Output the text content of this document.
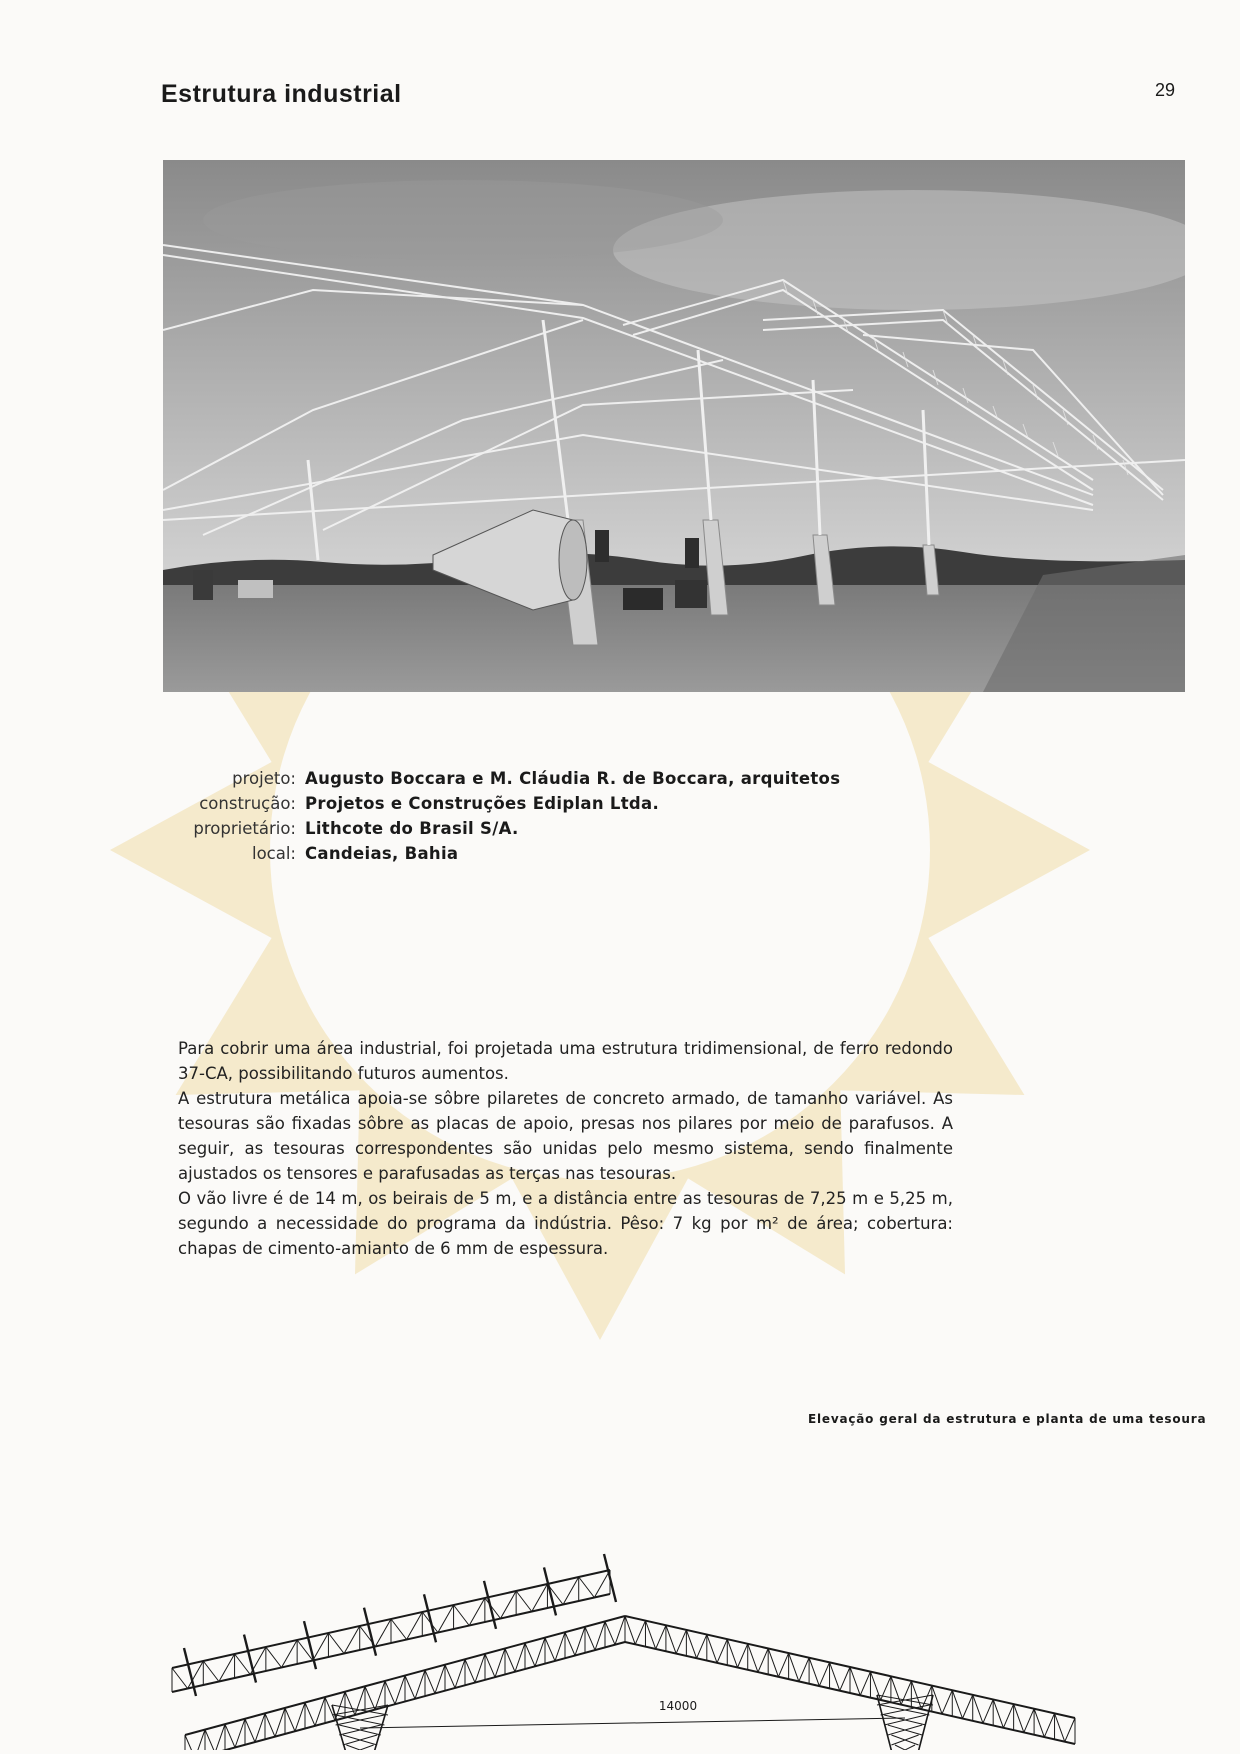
Estrutura industrial	29
projeto: Augusto Boccara e M. Cláudia R. de Boccara, arquitetos
construção: Projetos e Construções Ediplan Ltda.
proprietário: Lithcote do Brasil S/A.
local: Candeias, Bahia

Para cobrir uma área industrial, foi projetada uma estrutura tridimensional, de ferro redondo 37-CA, possibilitando futuros aumentos.

A estrutura metálica apoia-se sôbre pilaretes de concreto armado, de tamanho variável. As tesouras são fixadas sôbre as placas de apoio, presas nos pilares por meio de parafusos. A seguir, as tesouras correspondentes são unidas pelo mesmo sistema, sendo finalmente ajustados os tensores e parafusadas as terças nas tesouras.

O vão livre é de 14 m, os beirais de 5 m, e a distância entre as tesouras de 7,25 m e 5,25 m, segundo a necessidade do programa da indústria. Pêso: 7 kg por m² de área; cobertura: chapas de cimento-amianto de 6 mm de espessura.

Elevação geral da estrutura e planta de uma tesoura
14000
